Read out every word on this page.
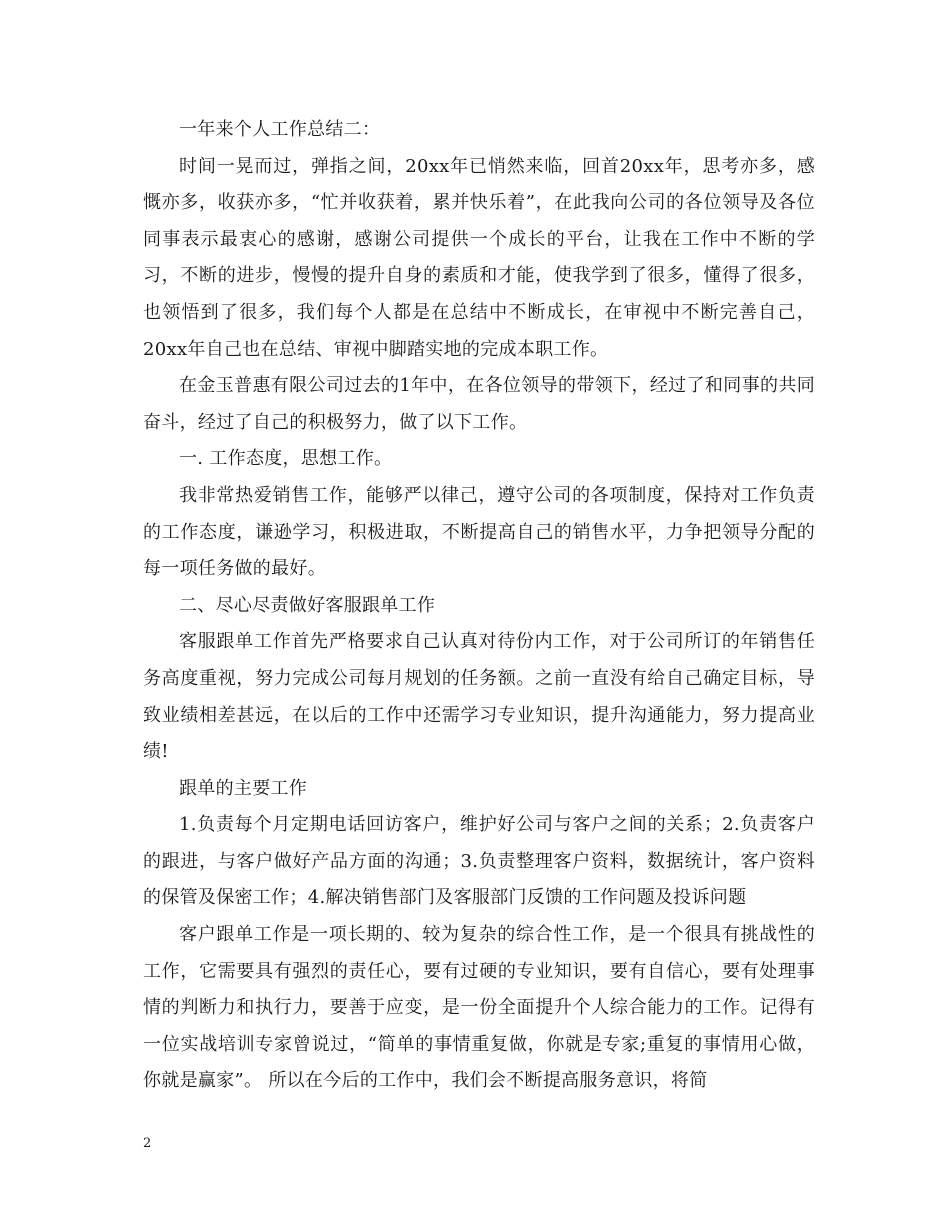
一年来个人工作总结二：

时间一晃而过，弹指之间，20xx年已悄然来临，回首20xx年，思考亦多，感慨亦多，收获亦多，“忙并收获着，累并快乐着”，在此我向公司的各位领导及各位同事表示最衷心的感谢，感谢公司提供一个成长的平台，让我在工作中不断的学习，不断的进步，慢慢的提升自身的素质和才能，使我学到了很多，懂得了很多，也领悟到了很多，我们每个人都是在总结中不断成长，在审视中不断完善自己，20xx年自己也在总结、审视中脚踏实地的完成本职工作。

在金玉普惠有限公司过去的1年中，在各位领导的带领下，经过了和同事的共同奋斗，经过了自己的积极努力，做了以下工作。

一. 工作态度，思想工作。

我非常热爱销售工作，能够严以律己，遵守公司的各项制度，保持对工作负责的工作态度，谦逊学习，积极进取，不断提高自己的销售水平，力争把领导分配的每一项任务做的最好。

二、尽心尽责做好客服跟单工作

客服跟单工作首先严格要求自己认真对待份内工作，对于公司所订的年销售任务高度重视，努力完成公司每月规划的任务额。之前一直没有给自己确定目标，导致业绩相差甚远，在以后的工作中还需学习专业知识，提升沟通能力，努力提高业绩!

跟单的主要工作

1.负责每个月定期电话回访客户，维护好公司与客户之间的关系；2.负责客户的跟进，与客户做好产品方面的沟通；3.负责整理客户资料，数据统计，客户资料的保管及保密工作；4.解决销售部门及客服部门反馈的工作问题及投诉问题

客户跟单工作是一项长期的、较为复杂的综合性工作，是一个很具有挑战性的工作，它需要具有强烈的责任心，要有过硬的专业知识，要有自信心，要有处理事情的判断力和执行力，要善于应变，是一份全面提升个人综合能力的工作。记得有一位实战培训专家曾说过，“简单的事情重复做，你就是专家;重复的事情用心做，你就是赢家”。 所以在今后的工作中，我们会不断提高服务意识，将简

2
